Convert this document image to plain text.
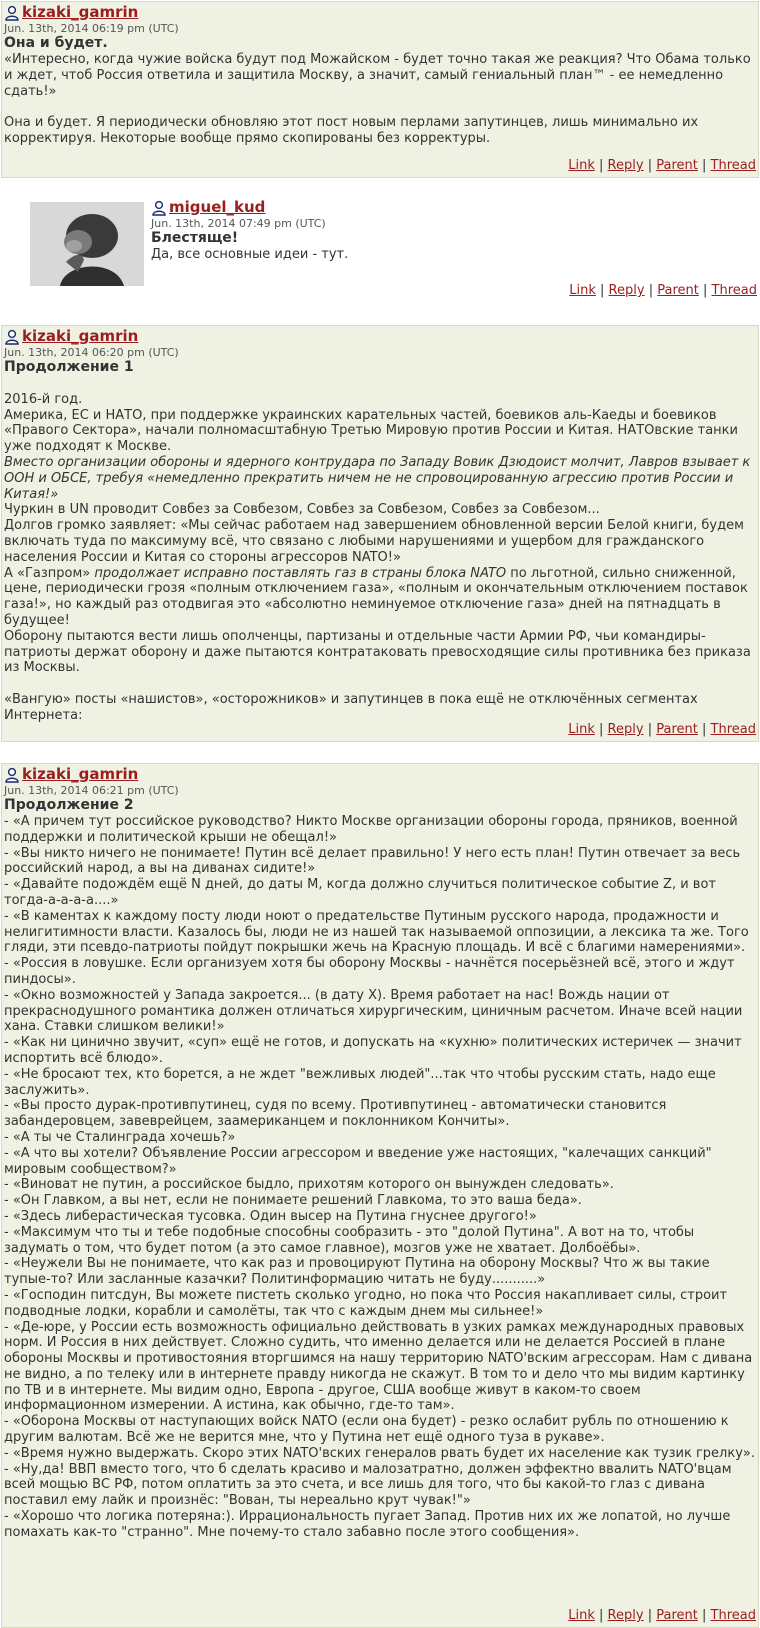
kizaki_gamrin
Jun. 13th, 2014 06:19 pm (UTC)
Она и будет.

«Интересно, когда чужие войска будут под Можайском - будет точно такая же реакция? Что Обама только и ждет, чтоб Россия ответила и защитила Москву, а значит, самый гениальный план™ - ее немедленно сдать!»

Она и будет. Я периодически обновляю этот пост новым перлами запутинцев, лишь минимально их корректируя. Некоторые вообще прямо скопированы без корректуры.

Link | Reply | Parent | Thread
miguel_kud
Jun. 13th, 2014 07:49 pm (UTC)
Блестяще!

Да, все основные идеи - тут.

Link | Reply | Parent | Thread
kizaki_gamrin
Jun. 13th, 2014 06:20 pm (UTC)
Продолжение 1

2016-й год.

Америка, ЕС и НАТО, при поддержке украинских карательных частей, боевиков аль-Каеды и боевиков «Правого Сектора», начали полномасштабную Третью Мировую против России и Китая. НАТОвские танки уже подходят к Москве.

Вместо организации обороны и ядерного контрудара по Западу Вовик Дзюдоист молчит, Лавров взывает к ООН и ОБСЕ, требуя «немедленно прекратить ничем не не спровоцированную агрессию против России и Китая!»

Чуркин в UN проводит Совбез за Совбезом, Совбез за Совбезом, Совбез за Совбезом...

Долгов громко заявляет: «Мы сейчас работаем над завершением обновленной версии Белой книги, будем включать туда по максимуму всё, что связано с любыми нарушениями и ущербом для гражданского населения России и Китая со стороны агрессоров NATO!»

А «Газпром» продолжает исправно поставлять газ в страны блока NATO по льготной, сильно сниженной, цене, периодически грозя «полным отключением газа», «полным и окончательным отключением поставок газа!», но каждый раз отодвигая это «абсолютно неминуемое отключение газа» дней на пятнадцать в будущее!

Оборону пытаются вести лишь ополченцы, партизаны и отдельные части Армии РФ, чьи командиры-патриоты держат оборону и даже пытаются контратаковать превосходящие силы противника без приказа из Москвы.

«Вангую» посты «нашистов», «осторожников» и запутинцев в пока ещё не отключённых сегментах Интернета:

Link | Reply | Parent | Thread
kizaki_gamrin
Jun. 13th, 2014 06:21 pm (UTC)
Продолжение 2

- «А причем тут российское руководство? Никто Москве организации обороны города, пряников, военной поддержки и политической крыши не обещал!»

- «Вы никто ничего не понимаете! Путин всё делает правильно! У него есть план! Путин отвечает за весь российский народ, а вы на диванах сидите!»

- «Давайте подождём ещё N дней, до даты М, когда должно случиться политическое событие Z, и вот тогда-а-а-а-а....»

- «В каментах к каждому посту люди ноют о предательстве Путиным русского народа, продажности и нелигитимности власти. Казалось бы, люди не из нашей так называемой оппозиции, а лексика та же. Того гляди, эти псевдо-патриоты пойдут покрышки жечь на Красную площадь. И всё с благими намерениями».

- «Россия в ловушке. Если организуем хотя бы оборону Москвы - начнётся посерьёзней всё, этого и ждут пиндосы».

- «Окно возможностей у Запада закроется... (в дату X). Время работает на нас! Вождь нации от прекраснодушного романтика должен отличаться хирургическим, циничным расчетом. Иначе всей нации хана. Ставки слишком велики!»

- «Как ни цинично звучит, «суп» ещё не готов, и допускать на «кухню» политических истеричек — значит испортить всё блюдо».

- «Не бросают тех, кто борется, а не ждет "вежливых людей"...так что чтобы русским стать, надо еще заслужить».

- «Вы просто дурак-противпутинец, судя по всему. Противпутинец - автоматически становится забандеровцем, завеврейцем, заамериканцем и поклонником Кончиты».

- «А ты че Сталинграда хочешь?»

- «А что вы хотели? Объявление России агрессором и введение уже настоящих, "калечащих санкций" мировым сообществом?»

- «Виноват не путин, а российское быдло, прихотям которого он вынужден следовать».

- «Он Главком, а вы нет, если не понимаете решений Главкома, то это ваша беда».

- «Здесь либерастическая тусовка. Один высер на Путина гнуснее другого!»

- «Максимум что ты и тебе подобные способны сообразить - это "долой Путина". А вот на то, чтобы задумать о том, что будет потом (а это самое главное), мозгов уже не хватает. Долбоёбы».

- «Неужели Вы не понимаете, что как раз и провоцируют Путина на оборону Москвы? Что ж вы такие тупые-то? Или засланные казачки? Политинформацию читать не буду...........»

- «Господин питсдун, Вы можете пистеть сколько угодно, но пока что Россия накапливает силы, строит подводные лодки, корабли и самолёты, так что с каждым днем мы сильнее!»

- «Де-юре, у России есть возможность официально действовать в узких рамках международных правовых норм. И Россия в них действует. Сложно судить, что именно делается или не делается Россией в плане обороны Москвы и противостояния вторгшимся на нашу территорию NATO'вским агрессорам. Нам с дивана не видно, а по телеку или в интернете правду никогда не скажут. В том то и дело что мы видим картинку по ТВ и в интернете. Мы видим одно, Европа - другое, США вообще живут в каком-то своем информационном измерении. А истина, как обычно, где-то там».

- «Оборона Москвы от наступающих войск NATO (если она будет) - резко ослабит рубль по отношению к другим валютам. Всё же не верится мне, что у Путина нет ещё одного туза в рукаве».

- «Время нужно выдержать. Скоро этих NATO'вских генералов рвать будет их население как тузик грелку».

- «Ну,да! ВВП вместо того, что б сделать красиво и малозатратно, должен эффектно ввалить NATO'вцам всей мощью ВС РФ, потом оплатить за это счета, и все лишь для того, что бы какой-то глаз с дивана поставил ему лайк и произнёс: "Вован, ты нереально крут чувак!"»

- «Хорошо что логика потеряна:). Иррациональность пугает Запад. Против них их же лопатой, но лучше помахать как-то "странно". Мне почему-то стало забавно после этого сообщения».

Link | Reply | Parent | Thread
